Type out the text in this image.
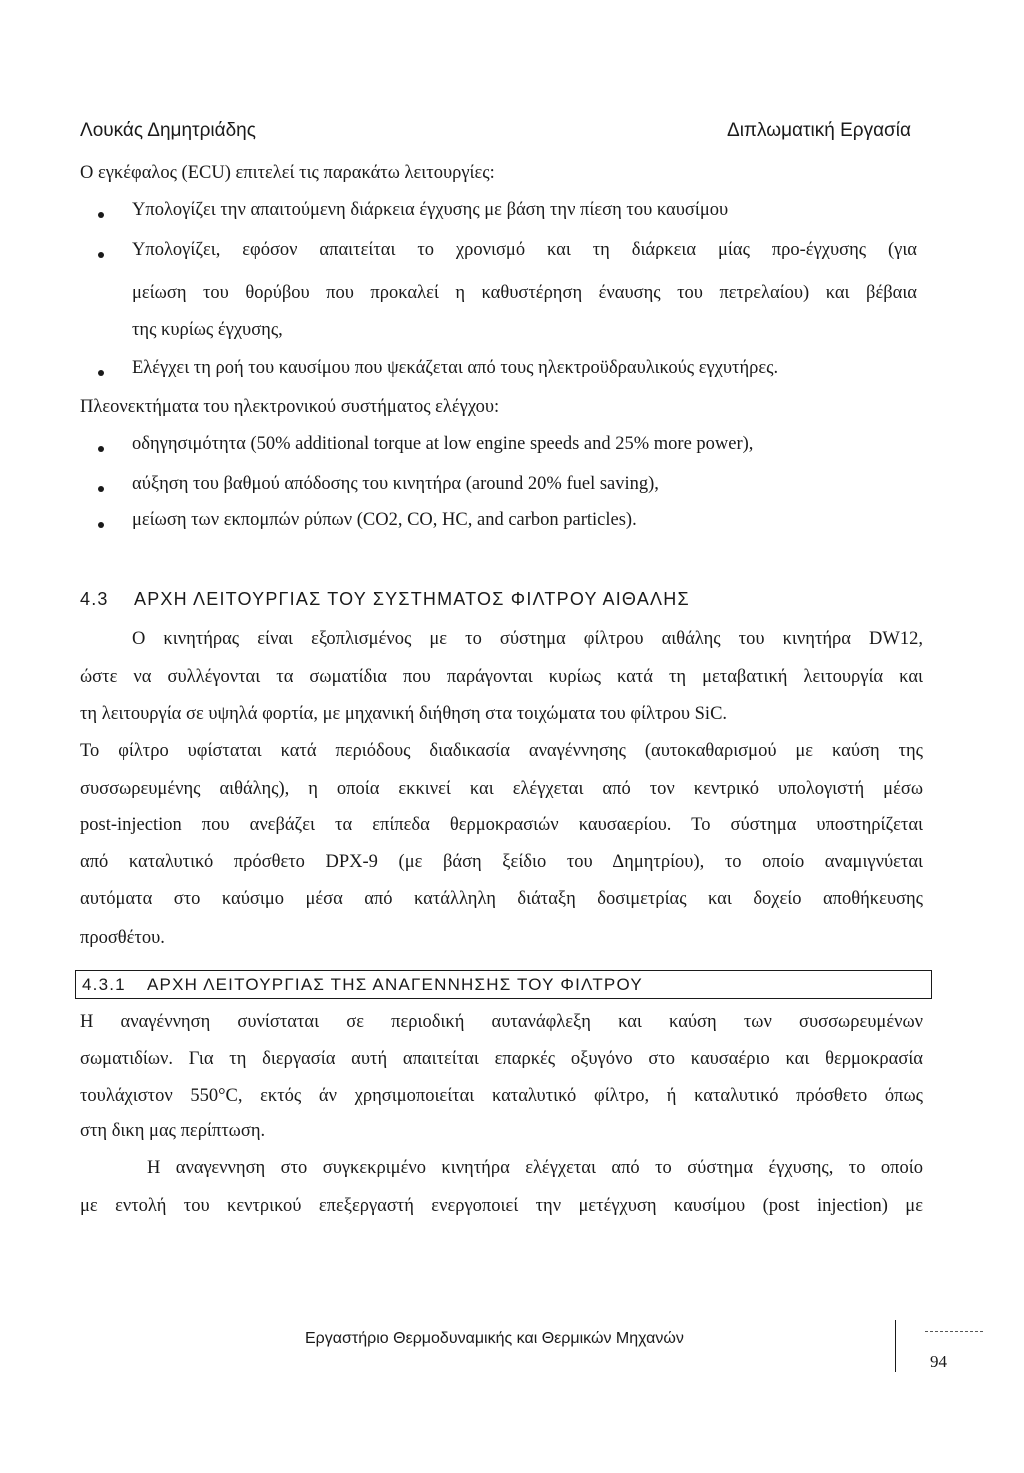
Λουκάς Δημητριάδης	Διπλωματική Εργασία
Ο εγκέφαλος (ECU) επιτελεί τις παρακάτω λειτουργίες:
Υπολογίζει την απαιτούμενη διάρκεια έγχυσης με βάση την πίεση του καυσίμου
Υπολογίζει, εφόσον απαιτείται το χρονισμό και τη διάρκεια μίας προ-έγχυσης (για
μείωση του θορύβου που προκαλεί η καθυστέρηση έναυσης του πετρελαίου) και βέβαια
της κυρίως έγχυσης,
Ελέγχει τη ροή του καυσίμου που ψεκάζεται από τους ηλεκτροϋδραυλικούς εγχυτήρες.
Πλεονεκτήματα του ηλεκτρονικού συστήματος ελέγχου:
οδηγησιμότητα (50% additional torque at low engine speeds and 25% more power),
αύξηση του βαθμού απόδοσης του κινητήρα (around 20% fuel saving),
μείωση των εκπομπών ρύπων (CO2, CO, HC, and carbon particles).
4.3 ΑΡΧΗ ΛΕΙΤΟΥΡΓΙΑΣ ΤΟΥ ΣΥΣΤΗΜΑΤΟΣ ΦΙΛΤΡΟΥ ΑΙΘΑΛΗΣ
Ο κινητήρας είναι εξοπλισμένος με το σύστημα φίλτρου αιθάλης του κινητήρα DW12,
ώστε να συλλέγονται τα σωματίδια που παράγονται κυρίως κατά τη μεταβατική λειτουργία και
τη λειτουργία σε υψηλά φορτία, με μηχανική διήθηση στα τοιχώματα του φίλτρου SiC.
Το φίλτρο υφίσταται κατά περιόδους διαδικασία αναγέννησης (αυτοκαθαρισμού με καύση της
συσσωρευμένης αιθάλης), η οποία εκκινεί και ελέγχεται από τον κεντρικό υπολογιστή μέσω
post-injection που ανεβάζει τα επίπεδα θερμοκρασιών καυσαερίου. Το σύστημα υποστηρίζεται
από καταλυτικό πρόσθετο DPX-9 (με βάση ξείδιο του Δημητρίου), το οποίο αναμιγνύεται
αυτόματα στο καύσιμο μέσα από κατάλληλη διάταξη δοσιμετρίας και δοχείο αποθήκευσης
προσθέτου.
4.3.1 ΑΡΧΗ ΛΕΙΤΟΥΡΓΙΑΣ ΤΗΣ ΑΝΑΓΕΝΝΗΣΗΣ ΤΟΥ ΦΙΛΤΡΟΥ
Η αναγέννηση συνίσταται σε περιοδική αυτανάφλεξη και καύση των συσσωρευμένων
σωματιδίων. Για τη διεργασία αυτή απαιτείται επαρκές οξυγόνο στο καυσαέριο και θερμοκρασία
τουλάχιστον 550°C, εκτός άν χρησιμοποιείται καταλυτικό φίλτρο, ή καταλυτικό πρόσθετο όπως
στη δικη μας περίπτωση.
Η αναγεννηση στο συγκεκριμένο κινητήρα ελέγχεται από το σύστημα έγχυσης, το οποίο
με εντολή του κεντρικού επεξεργαστή ενεργοποιεί την μετέγχυση καυσίμου (post injection) με
Εργαστήριο Θερμοδυναμικής και Θερμικών Μηχανών
94
